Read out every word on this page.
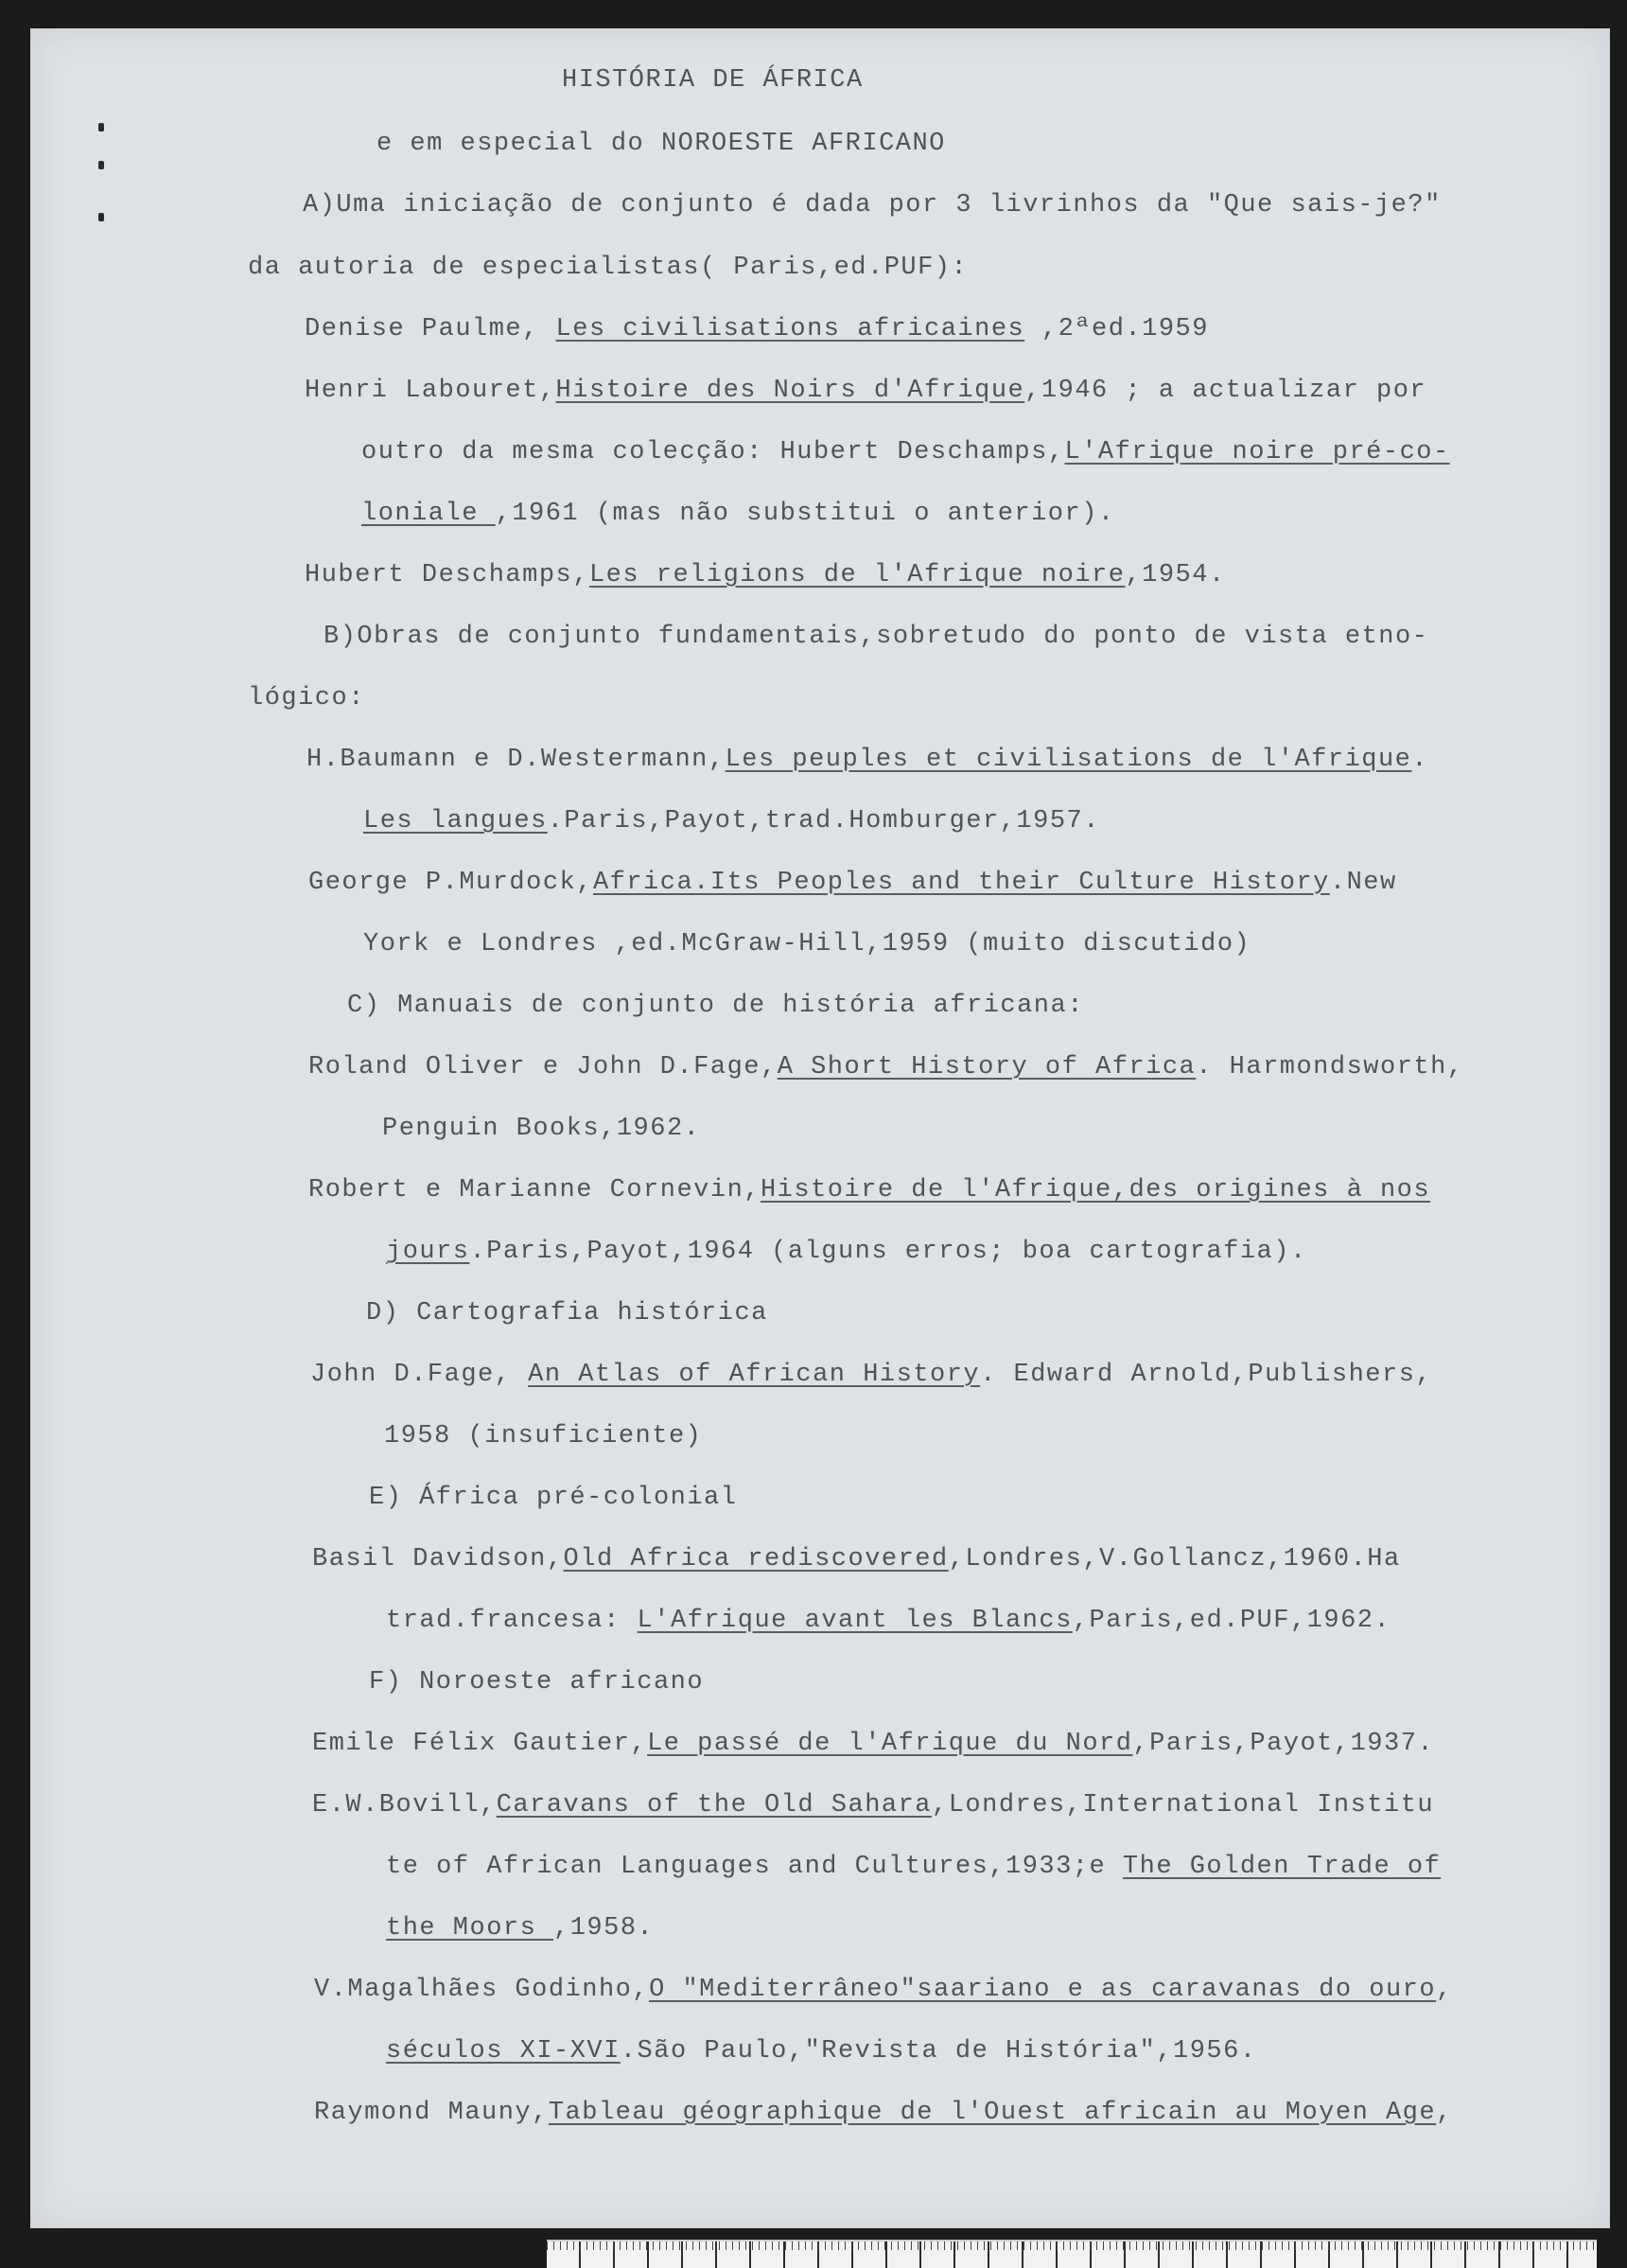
HISTÓRIA DE ÁFRICA
e em especial do NOROESTE AFRICANO
A)Uma iniciação de conjunto é dada por 3 livrinhos da "Que sais-je?"
da autoria de especialistas( Paris,ed.PUF):
Denise Paulme, Les civilisations africaines ,2ªed.1959
Henri Labouret,Histoire des Noirs d'Afrique,1946 ; a actualizar por
outro da mesma colecção: Hubert Deschamps,L'Afrique noire pré-co-
loniale ,1961 (mas não substitui o anterior).
Hubert Deschamps,Les religions de l'Afrique noire,1954.
B)Obras de conjunto fundamentais,sobretudo do ponto de vista etno-
lógico:
H.Baumann e D.Westermann,Les peuples et civilisations de l'Afrique.
Les langues.Paris,Payot,trad.Homburger,1957.
George P.Murdock,Africa.Its Peoples and their Culture History.New
York e Londres ,ed.McGraw-Hill,1959 (muito discutido)
C) Manuais de conjunto de história africana:
Roland Oliver e John D.Fage,A Short History of Africa. Harmondsworth,
Penguin Books,1962.
Robert e Marianne Cornevin,Histoire de l'Afrique,des origines à nos
jours.Paris,Payot,1964 (alguns erros; boa cartografia).
D) Cartografia histórica
John D.Fage, An Atlas of African History. Edward Arnold,Publishers,
1958 (insuficiente)
E) África pré-colonial
Basil Davidson,Old Africa rediscovered,Londres,V.Gollancz,1960.Ha
trad.francesa: L'Afrique avant les Blancs,Paris,ed.PUF,1962.
F) Noroeste africano
Emile Félix Gautier,Le passé de l'Afrique du Nord,Paris,Payot,1937.
E.W.Bovill,Caravans of the Old Sahara,Londres,International Institu
te of African Languages and Cultures,1933;e The Golden Trade of
the Moors ,1958.
V.Magalhães Godinho,O "Mediterrâneo"saariano e as caravanas do ouro,
séculos XI-XVI.São Paulo,"Revista de História",1956.
Raymond Mauny,Tableau géographique de l'Ouest africain au Moyen Age,
